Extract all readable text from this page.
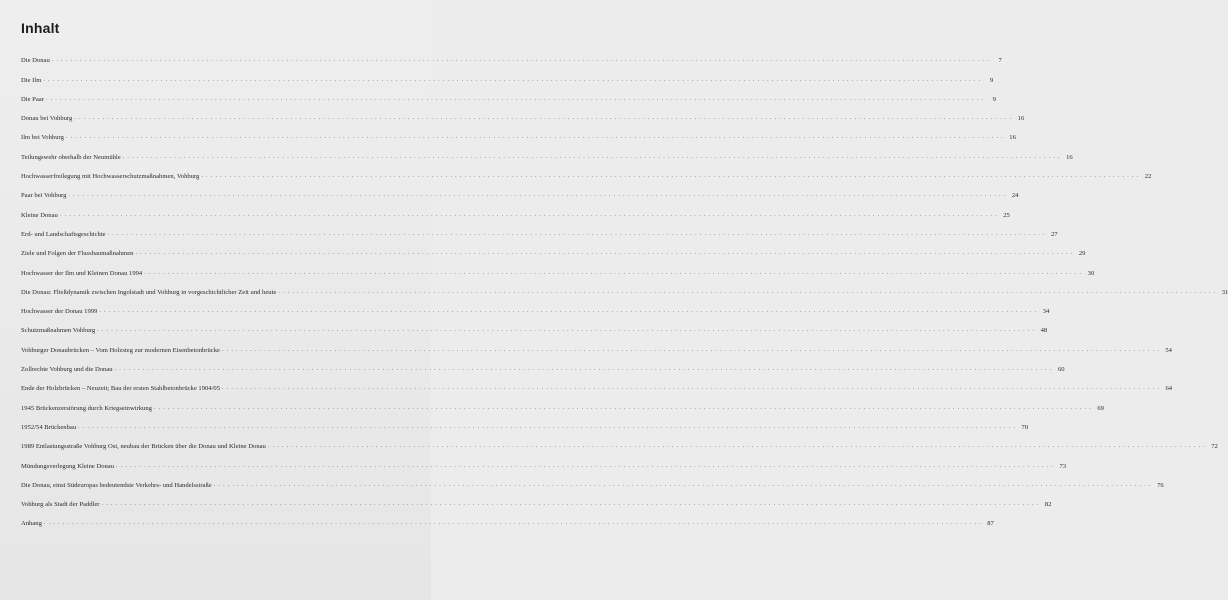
Inhalt
Die Donau ........................................................................................................................................................................................................	7
Die Ilm ........................................................................................................................................................................................................	9
Die Paar ........................................................................................................................................................................................................	9
Donau bei Vohburg ........................................................................................................................................................................................................ 16
Ilm bei Vohburg ........................................................................................................................................................................................................ 16
Teilungswehr oberhalb der Neumühle ........................................................................................................................................................................................................ 16
Hochwasserfreilegung mit Hochwasserschutzmaßnahmen, Vohburg ........................................................................................................................................................................................................ 22
Paar bei Vohburg ........................................................................................................................................................................................................ 24
Kleine Donau ........................................................................................................................................................................................................ 25
Erd- und Landschaftsgeschichte ........................................................................................................................................................................................................ 27
Ziele und Folgen der Flussbaumaßnahmen ........................................................................................................................................................................................................ 29
Hochwasser der Ilm und Kleinen Donau 1994 ........................................................................................................................................................................................................ 30
Die Donau: Fließdynamik zwischen Ingolstadt und Vohburg in vorgeschichtlicher Zeit und heute ........................................................................................................................................................................................................ 31
Hochwasser der Donau 1999 ........................................................................................................................................................................................................ 34
Schutzmaßnahmen Vohburg ........................................................................................................................................................................................................ 48
Vohburger Donaubrücken – Vom Holzsteg zur modernen Eisenbetonbrücke ........................................................................................................................................................................................................ 54
Zollrechte Vohburg und die Donau ........................................................................................................................................................................................................ 60
Ende der Holzbrücken – Neuzeit; Bau der ersten Stahlbetonbrücke 1904/05 ........................................................................................................................................................................................................ 64
1945 Brückenzerstörung durch Kriegseinwirkung ........................................................................................................................................................................................................ 69
1952/54 Brückenbau ........................................................................................................................................................................................................ 70
1989 Entlastungsstraße Vohburg Ost, neubau der Brücken über die Donau und Kleine Donau ........................................................................................................................................................................................................ 72
Mündungsverlegung Kleine Donau ........................................................................................................................................................................................................ 73
Die Donau, einst Südeuropas bedeutendste Verkehrs- und Handelsstraße ........................................................................................................................................................................................................ 76
Vohburg als Stadt der Paddler ........................................................................................................................................................................................................ 82
Anhang ........................................................................................................................................................................................................ 87
